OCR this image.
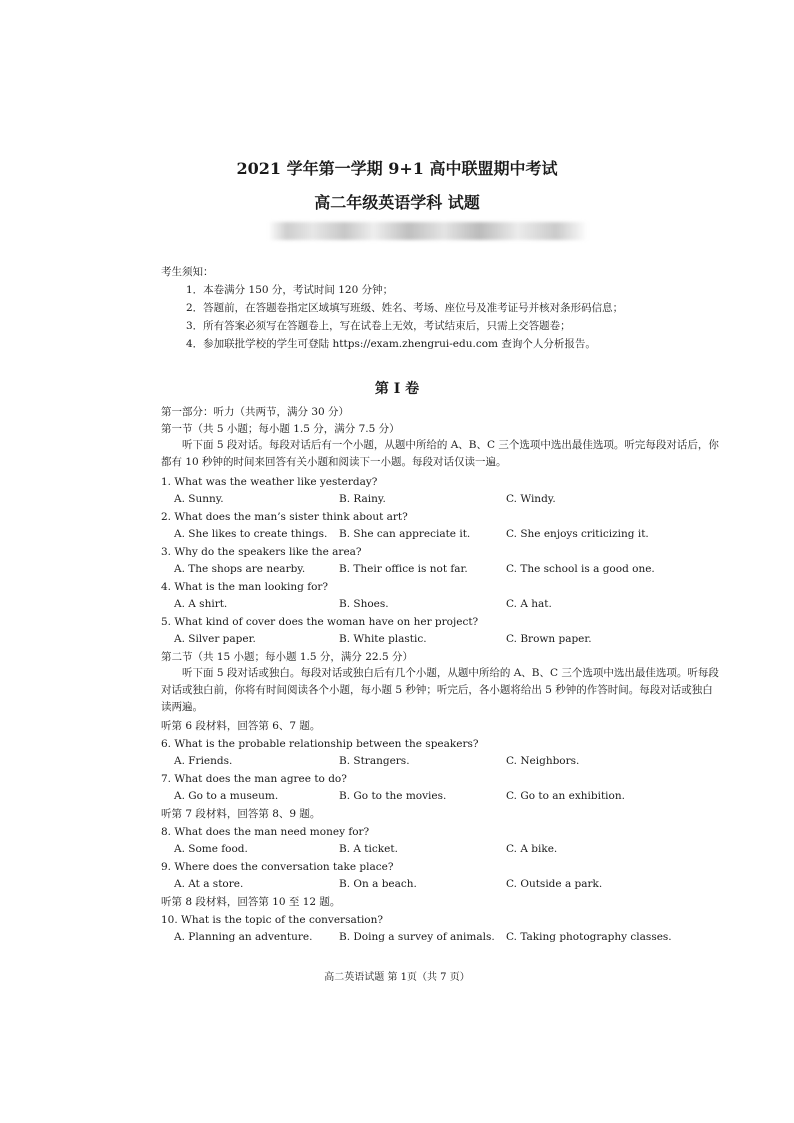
2021 学年第一学期 9+1 高中联盟期中考试
高二年级英语学科 试题
考生须知：
1．本卷满分 150 分，考试时间 120 分钟；
2．答题前，在答题卷指定区域填写班级、姓名、考场、座位号及准考证号并核对条形码信息；
3．所有答案必须写在答题卷上，写在试卷上无效，考试结束后，只需上交答题卷；
4．参加联批学校的学生可登陆 https://exam.zhengrui-edu.com 查询个人分析报告。
第 I 卷
第一部分：听力（共两节，满分 30 分）
第一节（共 5 小题；每小题 1.5 分，满分 7.5 分）
听下面 5 段对话。每段对话后有一个小题，从题中所给的 A、B、C 三个选项中选出最佳选项。听完每段对话后，你都有 10 秒钟的时间来回答有关小题和阅读下一小题。每段对话仅读一遍。
1. What was the weather like yesterday?
A. Sunny.	B. Rainy.	C. Windy.
2. What does the man’s sister think about art?
A. She likes to create things. B. She can appreciate it.	C. She enjoys criticizing it.
3. Why do the speakers like the area?
A. The shops are nearby.	B. Their office is not far.	C. The school is a good one.
4. What is the man looking for?
A. A shirt.	B. Shoes.	C. A hat.
5. What kind of cover does the woman have on her project?
A. Silver paper.	B. White plastic.	C. Brown paper.
第二节（共 15 小题；每小题 1.5 分，满分 22.5 分）
听下面 5 段对话或独白。每段对话或独白后有几个小题，从题中所给的 A、B、C 三个选项中选出最佳选项。听每段对话或独白前，你将有时间阅读各个小题，每小题 5 秒钟；听完后，各小题将给出 5 秒钟的作答时间。每段对话或独白读两遍。
听第 6 段材料，回答第 6、7 题。
6. What is the probable relationship between the speakers?
A. Friends.	B. Strangers.	C. Neighbors.
7. What does the man agree to do?
A. Go to a museum.	B. Go to the movies.	C. Go to an exhibition.
听第 7 段材料，回答第 8、9 题。
8. What does the man need money for?
A. Some food.	B. A ticket.	C. A bike.
9. Where does the conversation take place?
A. At a store.	B. On a beach.	C. Outside a park.
听第 8 段材料，回答第 10 至 12 题。
10. What is the topic of the conversation?
A. Planning an adventure.	B. Doing a survey of animals. C. Taking photography classes.
高二英语试题 第 1页（共 7 页）
